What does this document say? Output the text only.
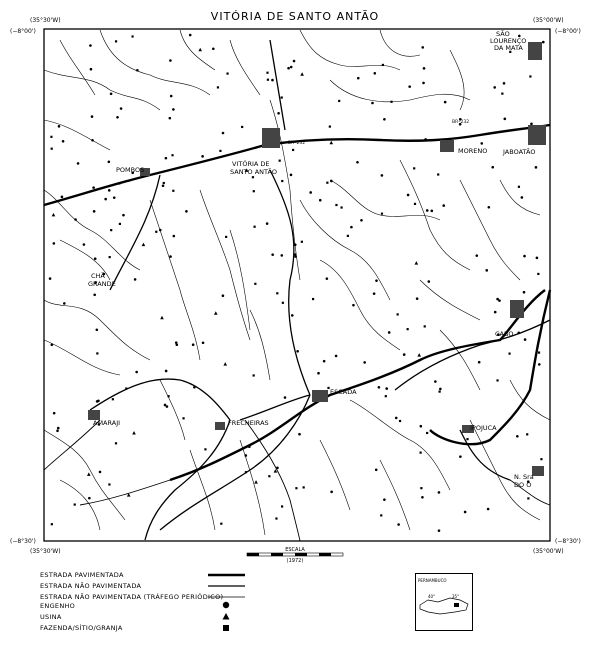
VITÓRIA DE SANTO ANTÃO
(35°30'W)
(−8°00')
(35°00'W)
(−8°00')
(−8°30')
(35°30'W)
(−8°30')
(35°00'W)
SÃO
LOURENÇO
DA MATA
VITÓRIA DE
SANTO ANTÃO
POMBOS
MORENO JABOATÃO
CHÃ
GRANDE
CABO
ESCADA
AMARAJI	FRECHEIRAS
IPOJUCA
N. Sra
DO Ó
BR–232
BR–232
ESCALA
(1972)
ESTRADA PAVIMENTADA
ESTRADA NÃO PAVIMENTADA
ESTRADA NÃO PAVIMENTADA (TRÁFEGO PERIÓDICO)
ENGENHO
USINA
FAZENDA/SÍTIO/GRANJA
PERNAMBUCO
40°	35°
